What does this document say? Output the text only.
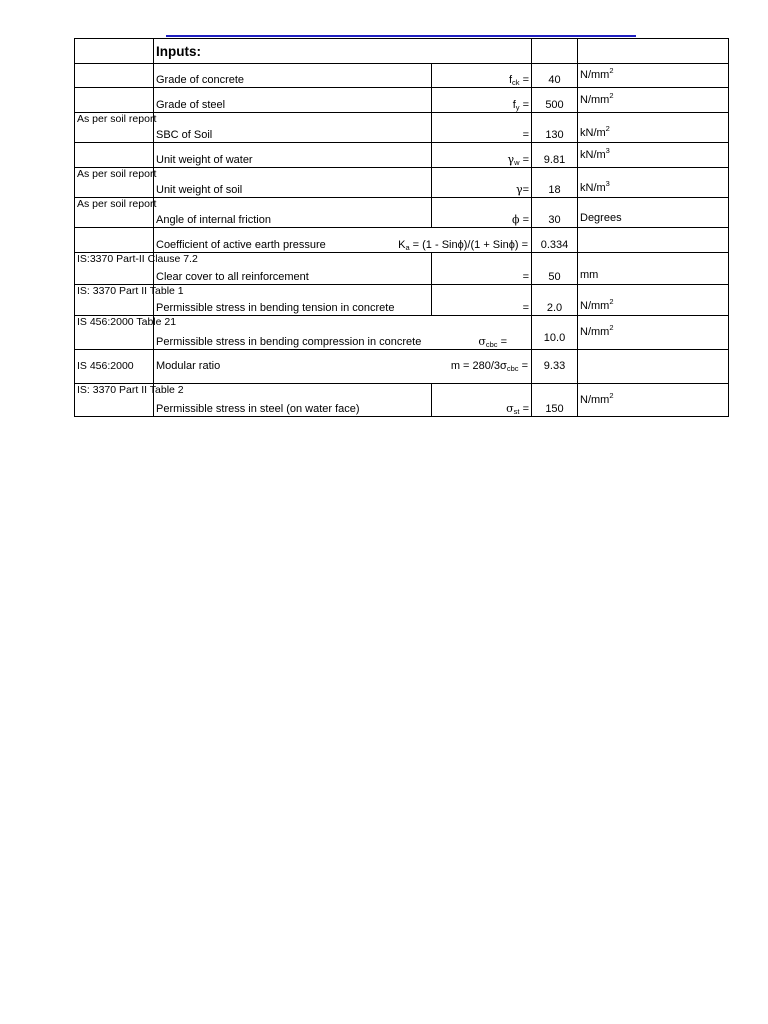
	Inputs:			
	Grade of concrete	$f_{ck}$ =	40	$N/mm^2$
	Grade of steel	$f_y$ =	500	$N/mm^2$
As per soil report	SBC of Soil	=	130	$kN/m^2$
	Unit weight of water	$\gamma_w$ =	9.81	$kN/m^3$
As per soil report	Unit weight of soil	γ=	18	$kN/m^3$
As per soil report	Angle of internal friction	ϕ =	30	Degrees

	Coefficient of active earth pressure $K_a = (1 - Sin\phi)/(1 + Sin\phi)$ =		0.334	
IS:3370 Part-II Clause 7.2	Clear cover to all reinforcement	=	50	mm
IS: 3370 Part II Table 1	Permissible stress in bending tension in concrete	=	2.0	$N/mm^2$
IS 456:2000 Table 21	Permissible stress in bending compression in concrete $\sigma_{cbc}$ =		10.0	$N/mm^2$
IS 456:2000	Modular ratio $m = 280/3\sigma_{cbc}$ =		9.33	
IS: 3370 Part II Table 2	Permissible stress in steel (on water face)	$\sigma_{st}$ =	150	$N/mm^2$
